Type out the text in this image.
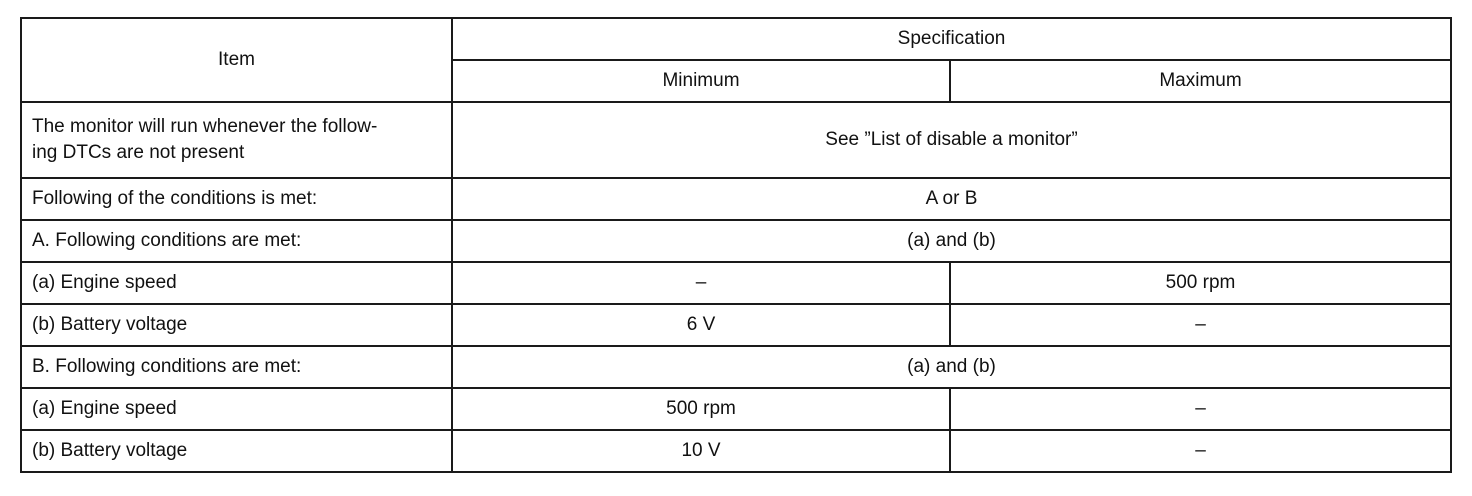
Item	Specification	
	Minimum	Maximum
The monitor will run whenever the follow-
ing DTCs are not present	See ”List of disable a monitor”	
Following of the conditions is met:	A or B	
A. Following conditions are met:	(a) and (b)	
(a) Engine speed	–	500 rpm
(b) Battery voltage	6 V	–
B. Following conditions are met:	(a) and (b)	
(a) Engine speed	500 rpm	–
(b) Battery voltage	10 V	–
